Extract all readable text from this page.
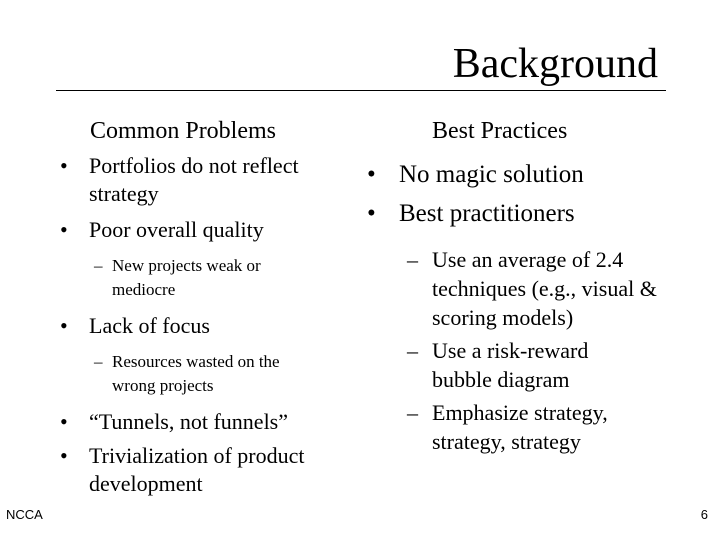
Background
Common Problems	Best Practices
• Portfolios do not reflect strategy
• Poor overall quality
– New projects weak or mediocre
• Lack of focus
– Resources wasted on the wrong projects
• “Tunnels, not funnels”
• Trivialization of product development
• No magic solution
• Best practitioners
– Use an average of 2.4 techniques (e.g., visual & scoring models)
– Use a risk-reward bubble diagram
– Emphasize strategy, strategy, strategy
NCCA	6
